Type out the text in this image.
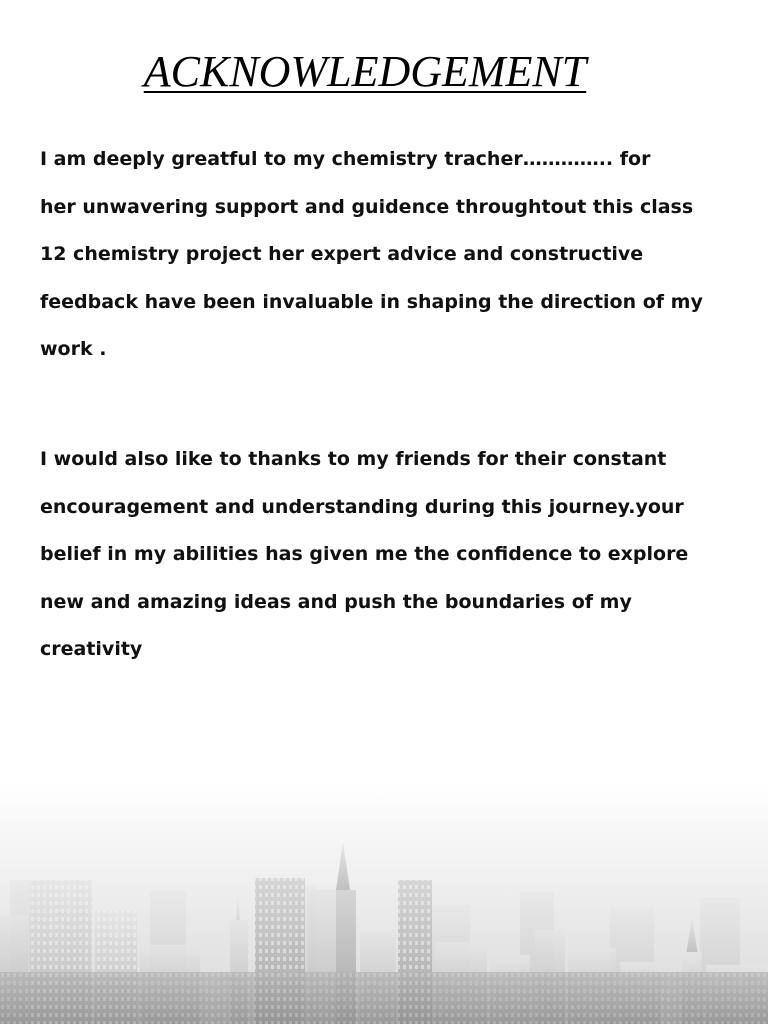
ACKNOWLEDGEMENT

I am deeply greatful to my chemistry tracher………….. for
her unwavering support and guidence throughtout this class
12 chemistry project her expert advice and constructive
feedback have been invaluable in shaping the direction of my
work .

I would also like to thanks to my friends for their constant
encouragement and understanding during this journey.your
belief in my abilities has given me the confidence to explore
new and amazing ideas and push the boundaries of my
creativity
